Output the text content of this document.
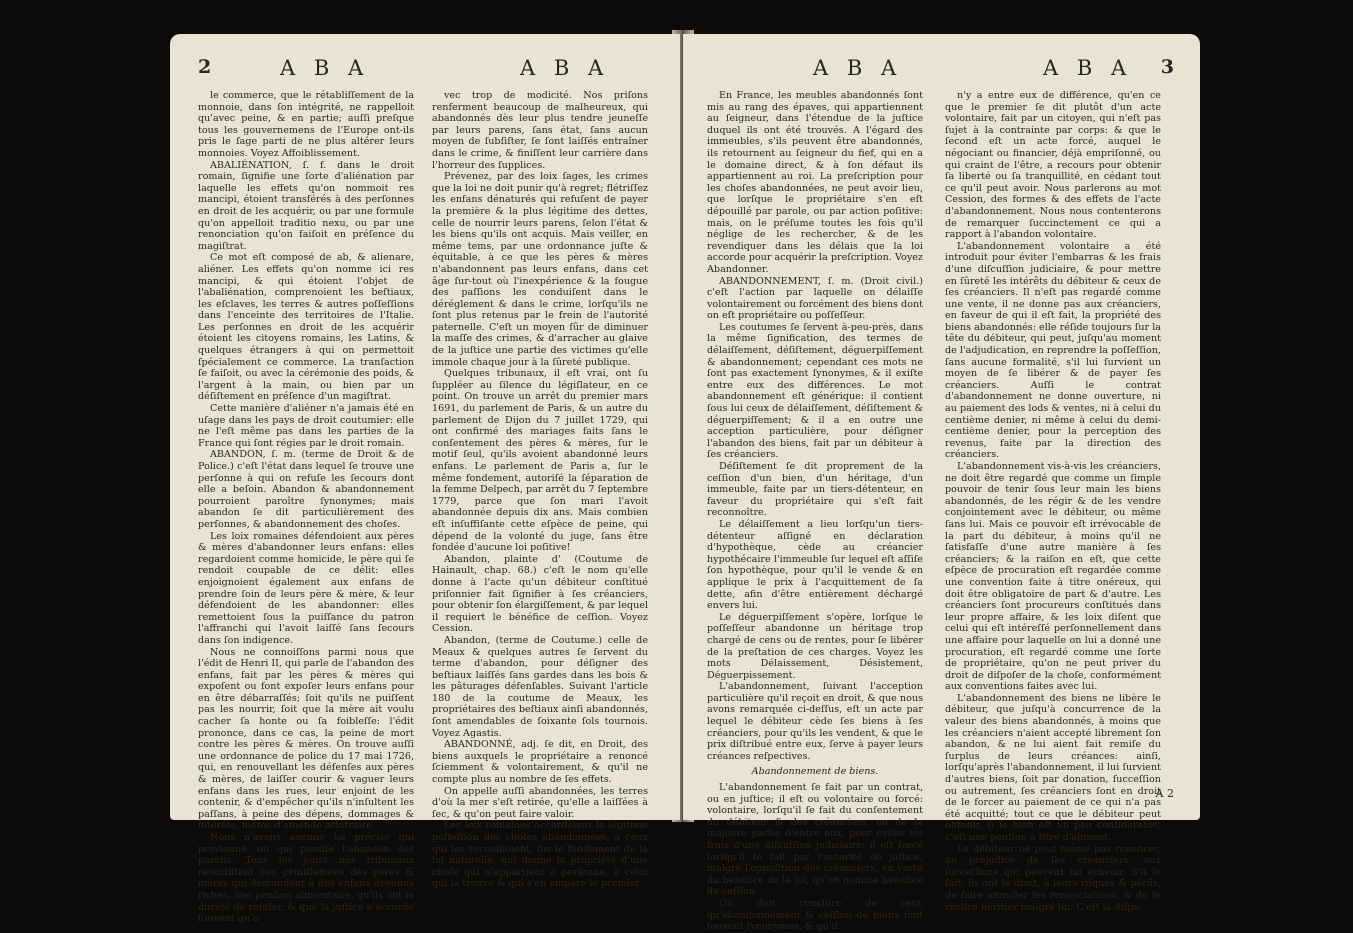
2	A B A	A B A

le commerce, que le rétabliſſement de la monnoie, dans ſon intégrité, ne rappelloit qu'avec peine, & en partie; auſſi preſque tous les gouvernemens de l'Europe ont-ils pris le ſage parti de ne plus altérer leurs monnoies. Voyez Affoiblissement.

ABALIÉNATION, ſ. f. dans le droit romain, ſignifie une ſorte d'aliénation par laquelle les effets qu'on nommoit res mancipi, étoient transférés à des perſonnes en droit de les acquérir, ou par une formule qu'on appelloit traditio nexu, ou par une renonciation qu'on faiſoit en préſence du magiſtrat.

Ce mot eſt composé de ab, & alienare, aliéner. Les effets qu'on nomme ici res mancipi, & qui étoient l'objet de l'abaliénation, comprenoient les beſtiaux, les eſclaves, les terres & autres poſſeſſions dans l'enceinte des territoires de l'Italie. Les perſonnes en droit de les acquérir étoient les citoyens romains, les Latins, & quelques étrangers à qui on permettoit ſpécialement ce commerce. La tranſaction ſe faiſoit, ou avec la cérémonie des poids, & l'argent à la main, ou bien par un déſiſtement en préſence d'un magiſtrat.

Cette manière d'aliéner n'a jamais été en uſage dans les pays de droit coutumier: elle ne l'eſt même pas dans les parties de la France qui ſont régies par le droit romain.

ABANDON, ſ. m. (terme de Droit & de Police.) c'eſt l'état dans lequel ſe trouve une perſonne à qui on refuſe les ſecours dont elle a beſoin. Abandon & abandonnement pourroient paroître ſynonymes; mais abandon ſe dit particulièrement des perſonnes, & abandonnement des choſes.

Les loix romaines défendoient aux pères & mères d'abandonner leurs enfans: elles regardoient comme homicide, le père qui ſe rendoit coupable de ce délit: elles enjoignoient également aux enfans de prendre ſoin de leurs père & mère, & leur défendoient de les abandonner: elles remettoient ſous la puiſſance du patron l'affranchi qui l'avoit laiſſé ſans ſecours dans ſon indigence.

Nous ne connoiſſons parmi nous que l'édit de Henri II, qui parle de l'abandon des enfans, fait par les pères & mères qui expoſent ou font expoſer leurs enfans pour en être débarraſſés; ſoit qu'ils ne puiſſent pas les nourrir, ſoit que la mère ait voulu cacher ſa honte ou ſa foibleſſe: l'édit prononce, dans ce cas, la peine de mort contre les pères & mères. On trouve auſſi une ordonnance de police du 17 mai 1726, qui, en renouvellant les défenſes aux pères & mères, de laiſſer courir & vaguer leurs enfans dans les rues, leur enjoint de les contenir, & d'empêcher qu'ils n'inſultent les paſſans, à peine des dépens, dommages & intérêts, même d'amende arbitraire.

Nous n'avons aucune loi précise qui prévienne, ou qui puniſſe l'abandon des parens. Tous les jours nos tribunaux retentiſſent des gémiſſemens des pères & mères qui demandent à des enfans devenus riches, une penſion alimentaire, qu'ils ont la dureté de refuſer, & que la juſtice n'accorde ſouvent qu'a-

vec trop de modicité. Nos priſons renferment beaucoup de malheureux, qui abandonnés dès leur plus tendre jeuneſſe par leurs parens, ſans état, ſans aucun moyen de ſubſiſter, ſe ſont laiſſés entraîner dans le crime, & finiſſent leur carrière dans l'horreur des ſupplices.

Prévenez, par des loix ſages, les crimes que la loi ne doit punir qu'à regret; flétriſſez les enfans dénaturés qui refuſent de payer la première & la plus légitime des dettes, celle de nourrir leurs parens, ſelon l'état & les biens qu'ils ont acquis. Mais veiller, en même tems, par une ordonnance juſte & équitable, à ce que les pères & mères n'abandonnent pas leurs enfans, dans cet âge ſur-tout où l'inexpérience & la fougue des paſſions les conduiſent dans le déréglement & dans le crime, lorſqu'ils ne ſont plus retenus par le frein de l'autorité paternelle. C'eſt un moyen ſûr de diminuer la maſſe des crimes, & d'arracher au glaive de la juſtice une partie des victimes qu'elle immole chaque jour à la ſûreté publique.

Quelques tribunaux, il eſt vrai, ont ſu ſuppléer au ſilence du légiſlateur, en ce point. On trouve un arrêt du premier mars 1691, du parlement de Paris, & un autre du parlement de Dijon du 7 juillet 1729, qui ont confirmé des mariages faits ſans le conſentement des pères & mères, ſur le motif ſeul, qu'ils avoient abandonné leurs enfans. Le parlement de Paris a, ſur le même fondement, autoriſé la ſéparation de la femme Delpech, par arrêt du 7 ſeptembre 1779, parce que ſon mari l'avoit abandonnée depuis dix ans. Mais combien eſt inſuffiſante cette eſpèce de peine, qui dépend de la volonté du juge, ſans être fondée d'aucune loi poſitive!

Abandon, plainte d' (Coutume de Hainault, chap. 68.) c'eſt le nom qu'elle donne à l'acte qu'un débiteur conſtitué priſonnier fait ſignifier à ſes créanciers, pour obtenir ſon élargiſſement, & par lequel il requiert le bénéfice de ceſſion. Voyez Cession.

Abandon, (terme de Coutume.) celle de Meaux & quelques autres ſe ſervent du terme d'abandon, pour déſigner des beſtiaux laiſſés ſans gardes dans les bois & les pâturages défenſables. Suivant l'article 180 de la coutume de Meaux, les propriétaires des beſtiaux ainſi abandonnés, ſont amendables de ſoixante ſols tournois. Voyez Agastis.

ABANDONNÉ, adj. ſe dit, en Droit, des biens auxquels le propriétaire a renoncé ſciemment & volontairement, & qu'il ne compte plus au nombre de ſes effets.

On appelle auſſi abandonnées, les terres d'où la mer s'eſt retirée, qu'elle a laiſſées à ſec, & qu'on peut faire valoir.

Les loix romaines accordoient la légitime poſſeſſion des choſes abandonnées, à ceux qui les recueilloient, ſur le fondement de la loi naturelle, qui donne la propriété d'une choſe qui n'appartient à perſonne, à celui qui la trouve & qui s'en empare le premier.

A B A	A B A 3

En France, les meubles abandonnés ſont mis au rang des épaves, qui appartiennent au ſeigneur, dans l'étendue de la juſtice duquel ils ont été trouvés. A l'égard des immeubles, s'ils peuvent être abandonnés, ils retournent au ſeigneur du fief, qui en a le domaine direct, & à ſon défaut ils appartiennent au roi. La preſcription pour les choſes abandonnées, ne peut avoir lieu, que lorſque le propriétaire s'en eſt dépouillé par parole, ou par action poſitive: mais, on le préſume toutes les fois qu'il néglige de les rechercher, & de les revendiquer dans les délais que la loi accorde pour acquérir la preſcription. Voyez Abandonner.

ABANDONNEMENT, ſ. m. (Droit civil.) c'eſt l'action par laquelle on délaiſſe volontairement ou forcément des biens dont on eſt propriétaire ou poſſeſſeur.

Les coutumes ſe ſervent à-peu-près, dans la même ſignification, des termes de délaiſſement, déſiſtement, déguerpiſſement & abandonnement; cependant ces mots ne ſont pas exactement ſynonymes, & il exiſte entre eux des différences. Le mot abandonnement eſt générique: il contient ſous lui ceux de délaiſſement, déſiſtement & déguerpiſſement; & il a en outre une acception particulière, pour déſigner l'abandon des biens, fait par un débiteur à ſes créanciers.

Déſiſtement ſe dit proprement de la ceſſion d'un bien, d'un héritage, d'un immeuble, faite par un tiers-détenteur, en faveur du propriétaire qui s'eſt fait reconnoître.

Le délaiſſement a lieu lorſqu'un tiers-détenteur aſſigné en déclaration d'hypothèque, cède au créancier hypothécaire l'immeuble ſur lequel eſt aſſiſe ſon hypothèque, pour qu'il le vende & en applique le prix à l'acquittement de ſa dette, afin d'être entièrement déchargé envers lui.

Le déguerpiſſement s'opère, lorſque le poſſeſſeur abandonne un héritage trop chargé de cens ou de rentes, pour ſe libérer de la preſtation de ces charges. Voyez les mots Délaissement, Désistement, Déguerpissement.

L'abandonnement, ſuivant l'acception particulière qu'il reçoit en droit, & que nous avons remarquée ci-deſſus, eſt un acte par lequel le débiteur cède ſes biens à ſes créanciers, pour qu'ils les vendent, & que le prix diſtribué entre eux, ſerve à payer leurs créances reſpectives.

Abandonnement de biens.

L'abandonnement ſe fait par un contrat, ou en juſtice; il eſt ou volontaire ou forcé: volontaire, lorſqu'il ſe fait du conſentement du débiteur & des créanciers, ou de la majeure partie d'entre eux, pour éviter les frais d'une diſcuſſion judiciaire: il eſt forcé lorſqu'il ſe fait par l'autorité de juſtice, malgré l'oppoſition des créanciers, en vertu du bénéfice de la loi, qu'on nomme bénéfice de ceſſion.

On doit conclure de ceci, qu'abandonnement & ceſſion de biens ſont ſouvent ſynonymes, & qu'il

n'y a entre eux de différence, qu'en ce que le premier ſe dit plutôt d'un acte volontaire, fait par un citoyen, qui n'eſt pas ſujet à la contrainte par corps: & que le ſecond eſt un acte forcé, auquel le négociant ou financier, déjà empriſonné, ou qui craint de l'être, a recours pour obtenir ſa liberté ou ſa tranquillité, en cédant tout ce qu'il peut avoir. Nous parlerons au mot Cession, des formes & des effets de l'acte d'abandonnement. Nous nous contenterons de remarquer ſuccinctement ce qui a rapport à l'abandon volontaire.

L'abandonnement volontaire a été introduit pour éviter l'embarras & les frais d'une diſcuſſion judiciaire, & pour mettre en ſûreté les intérêts du débiteur & ceux de ſes créanciers. Il n'eſt pas regardé comme une vente, il ne donne pas aux créanciers, en faveur de qui il eſt fait, la propriété des biens abandonnés: elle réſide toujours ſur la tête du débiteur, qui peut, juſqu'au moment de l'adjudication, en reprendre la poſſeſſion, ſans aucune formalité, s'il lui ſurvient un moyen de ſe libérer & de payer ſes créanciers. Auſſi le contrat d'abandonnement ne donne ouverture, ni au paiement des lods & ventes, ni à celui du centième denier, ni même à celui du demi-centième denier, pour la perception des revenus, faite par la direction des créanciers.

L'abandonnement vis-à-vis les créanciers, ne doit être regardé que comme un ſimple pouvoir de tenir ſous leur main les biens abandonnés, de les régir & de les vendre conjointement avec le débiteur, ou même ſans lui. Mais ce pouvoir eſt irrévocable de la part du débiteur, à moins qu'il ne ſatisfaſſe d'une autre manière à ſes créanciers; & la raiſon en eſt, que cette eſpèce de procuration eſt regardée comme une convention faite à titre onéreux, qui doit être obligatoire de part & d'autre. Les créanciers ſont procureurs conſtitués dans leur propre affaire, & les loix diſent que celui qui eſt intéreſſé perſonnellement dans une affaire pour laquelle on lui a donné une procuration, eſt regardé comme une ſorte de propriétaire, qu'on ne peut priver du droit de diſpoſer de la choſe, conformément aux conventions faites avec lui.

L'abandonnement des biens ne libère le débiteur, que juſqu'à concurrence de la valeur des biens abandonnés, à moins que les créanciers n'aient accepté librement ſon abandon, & ne lui aient fait remiſe du ſurplus de leurs créances: ainſi, lorſqu'après l'abandonnement, il lui ſurvient d'autres biens, ſoit par donation, ſucceſſion ou autrement, ſes créanciers ſont en droit de le forcer au paiement de ce qui n'a pas été acquitté; tout ce que le débiteur peut obtenir, ſi le bien eſt un peu conſidérable, c'eſt une penſion à titre d'aliment.

Le débiteur ne peut même pas renoncer, au préjudice de ſes créanciers, aux ſucceſſions qui peuvent lui écheoir. S'il le fait, ils ont le droit, à leurs riſques & périls, de faire annuller ſes renonciations, & de ſe rendre héritier malgré lui. C'eſt la diſpo-

A 2
